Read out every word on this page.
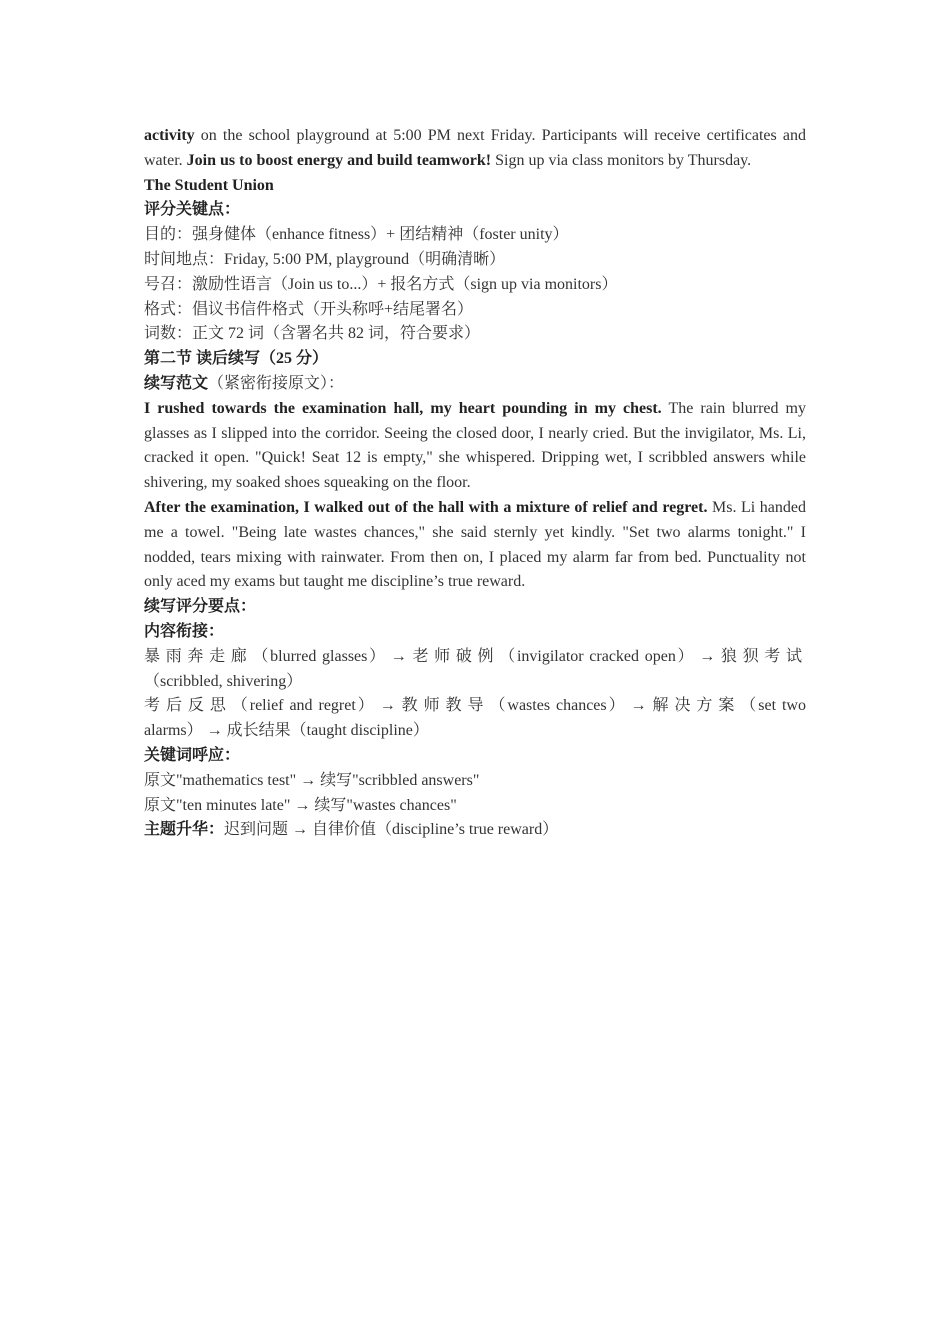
activity on the school playground at 5:00 PM next Friday. Participants will receive certificates and water. Join us to boost energy and build teamwork! Sign up via class monitors by Thursday.

The Student Union

评分关键点：

目的：强身健体（enhance fitness）+ 团结精神（foster unity）

时间地点：Friday, 5:00 PM, playground（明确清晰）

号召：激励性语言（Join us to...）+ 报名方式（sign up via monitors）

格式：倡议书信件格式（开头称呼+结尾署名）

词数：正文 72 词（含署名共 82 词，符合要求）

第二节 读后续写（25 分）

续写范文（紧密衔接原文）：

I rushed towards the examination hall, my heart pounding in my chest. The rain blurred my glasses as I slipped into the corridor. Seeing the closed door, I nearly cried. But the invigilator, Ms. Li, cracked it open. "Quick! Seat 12 is empty," she whispered. Dripping wet, I scribbled answers while shivering, my soaked shoes squeaking on the floor.

After the examination, I walked out of the hall with a mixture of relief and regret. Ms. Li handed me a towel. "Being late wastes chances," she said sternly yet kindly. "Set two alarms tonight." I nodded, tears mixing with rainwater. From then on, I placed my alarm far from bed. Punctuality not only aced my exams but taught me discipline’s true reward.

续写评分要点：

内容衔接：

暴雨奔走廊（blurred glasses） → 老师破例（invigilator cracked open） → 狼狈考试（scribbled, shivering）

考后反思（relief and regret） → 教师教导（wastes chances） → 解决方案（set two alarms） → 成长结果（taught discipline）

关键词呼应：

原文"mathematics test" → 续写"scribbled answers"

原文"ten minutes late" → 续写"wastes chances"

主题升华：迟到问题 → 自律价值（discipline’s true reward）
